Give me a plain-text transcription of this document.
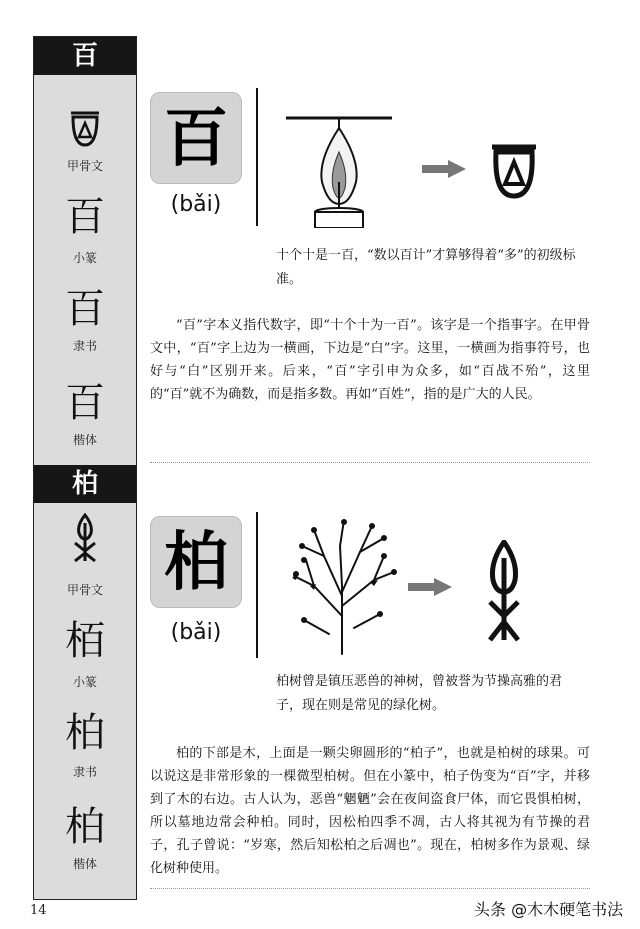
百
甲骨文
百
小篆
百
隶书
百
楷体
柏
甲骨文
栢
小篆
柏
隶书
柏
楷体
百
(bǎi)
十个十是一百，“数以百计”才算够得着“多”的初级标准。
“百”字本义指代数字，即“十个十为一百”。该字是一个指事字。在甲骨文中，“百”字上边为一横画，下边是“白”字。这里，一横画为指事符号，也好与“白”区别开来。后来，“百”字引申为众多，如“百战不殆”，这里的“百”就不为确数，而是指多数。再如“百姓”，指的是广大的人民。
柏
(bǎi)
柏树曾是镇压恶兽的神树，曾被誉为节操高雅的君子，现在则是常见的绿化树。
柏的下部是木，上面是一颗尖卵圆形的“柏子”，也就是柏树的球果。可以说这是非常形象的一棵微型柏树。但在小篆中，柏子伪变为“百”字，并移到了木的右边。古人认为，恶兽“魍魉”会在夜间盗食尸体，而它畏惧柏树，所以墓地边常会种柏。同时，因松柏四季不凋，古人将其视为有节操的君子，孔子曾说：“岁寒，然后知松柏之后凋也”。现在，柏树多作为景观、绿化树种使用。
14	头条 @木木硬笔书法
